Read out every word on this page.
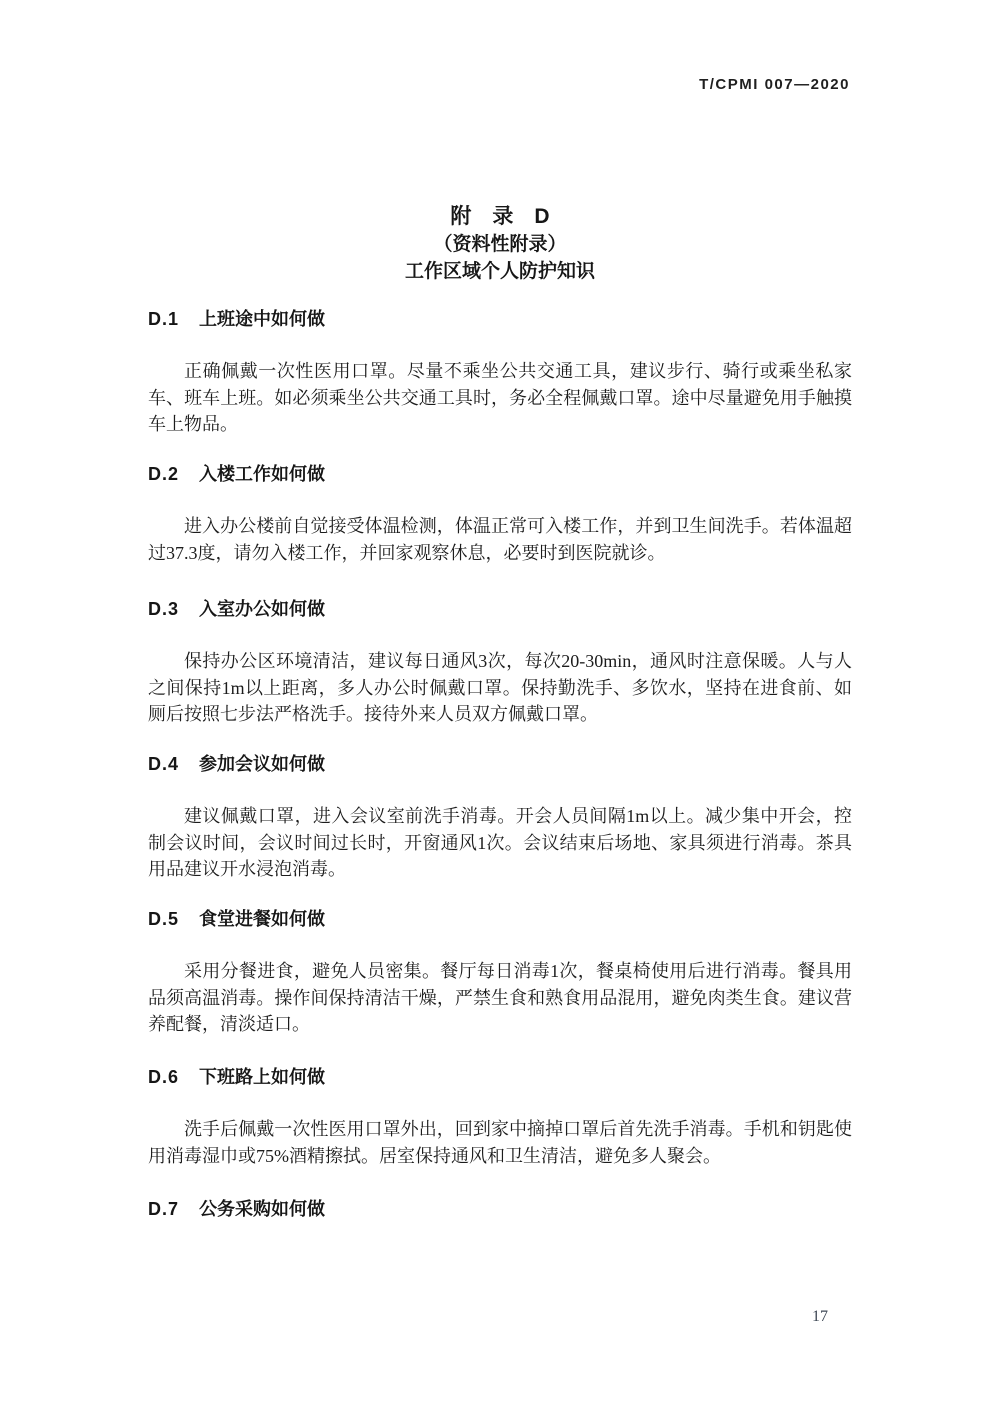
T/CPMI 007—2020
附　录　D
（资料性附录）
工作区域个人防护知识
D.1 上班途中如何做
正确佩戴一次性医用口罩。尽量不乘坐公共交通工具，建议步行、骑行或乘坐私家车、班车上班。如必须乘坐公共交通工具时，务必全程佩戴口罩。途中尽量避免用手触摸车上物品。
D.2 入楼工作如何做
进入办公楼前自觉接受体温检测，体温正常可入楼工作，并到卫生间洗手。若体温超过37.3度，请勿入楼工作，并回家观察休息，必要时到医院就诊。
D.3 入室办公如何做
保持办公区环境清洁，建议每日通风3次，每次20-30min，通风时注意保暖。人与人之间保持1m以上距离，多人办公时佩戴口罩。保持勤洗手、多饮水，坚持在进食前、如厕后按照七步法严格洗手。接待外来人员双方佩戴口罩。
D.4 参加会议如何做
建议佩戴口罩，进入会议室前洗手消毒。开会人员间隔1m以上。减少集中开会，控制会议时间，会议时间过长时，开窗通风1次。会议结束后场地、家具须进行消毒。茶具用品建议开水浸泡消毒。
D.5 食堂进餐如何做
采用分餐进食，避免人员密集。餐厅每日消毒1次，餐桌椅使用后进行消毒。餐具用品须高温消毒。操作间保持清洁干燥，严禁生食和熟食用品混用，避免肉类生食。建议营养配餐，清淡适口。
D.6 下班路上如何做
洗手后佩戴一次性医用口罩外出，回到家中摘掉口罩后首先洗手消毒。手机和钥匙使用消毒湿巾或75%酒精擦拭。居室保持通风和卫生清洁，避免多人聚会。
D.7 公务采购如何做
17
